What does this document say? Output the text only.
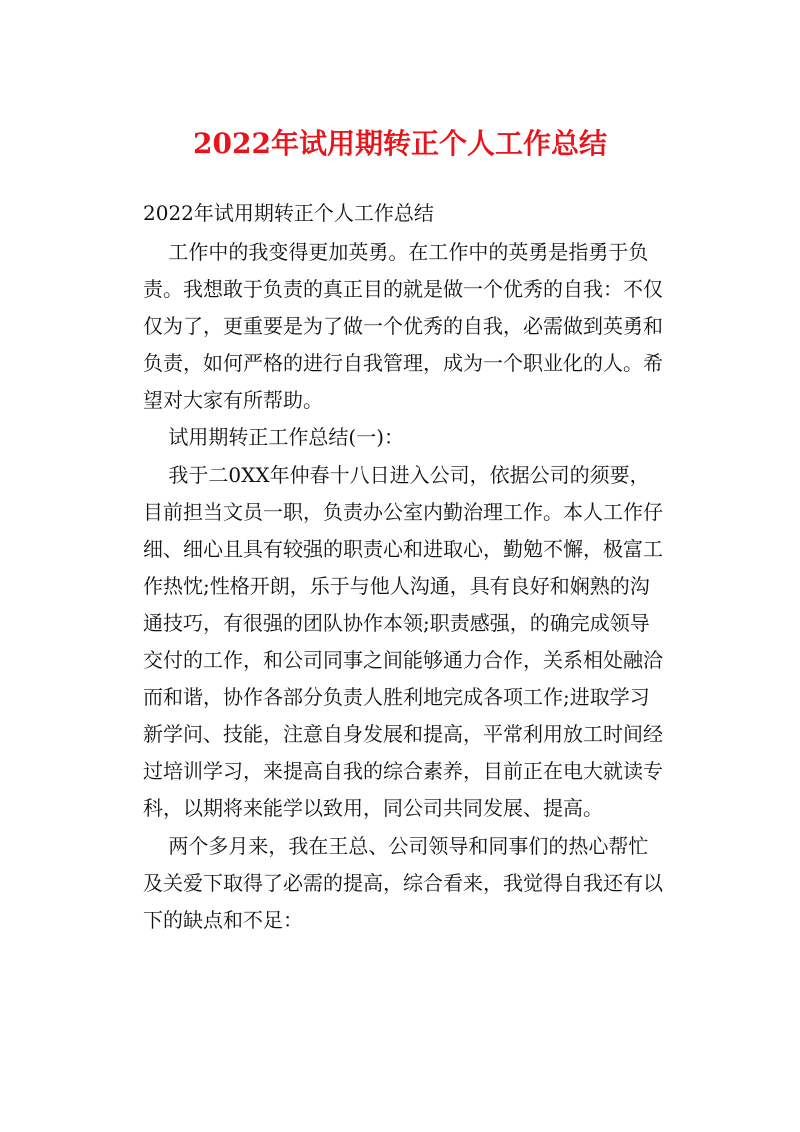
2022年试用期转正个人工作总结
2022年试用期转正个人工作总结

工作中的我变得更加英勇。在工作中的英勇是指勇于负

责。我想敢于负责的真正目的就是做一个优秀的自我：不仅

仅为了，更重要是为了做一个优秀的自我，必需做到英勇和

负责，如何严格的进行自我管理，成为一个职业化的人。希

望对大家有所帮助。

试用期转正工作总结(一)：

我于二0XX年仲春十八日进入公司，依据公司的须要，

目前担当文员一职，负责办公室内勤治理工作。本人工作仔

细、细心且具有较强的职责心和进取心，勤勉不懈，极富工

作热忱;性格开朗，乐于与他人沟通，具有良好和娴熟的沟

通技巧，有很强的团队协作本领;职责感强，的确完成领导

交付的工作，和公司同事之间能够通力合作，关系相处融洽

而和谐，协作各部分负责人胜利地完成各项工作;进取学习

新学问、技能，注意自身发展和提高，平常利用放工时间经

过培训学习，来提高自我的综合素养，目前正在电大就读专

科，以期将来能学以致用，同公司共同发展、提高。

两个多月来，我在王总、公司领导和同事们的热心帮忙

及关爱下取得了必需的提高，综合看来，我觉得自我还有以

下的缺点和不足：
